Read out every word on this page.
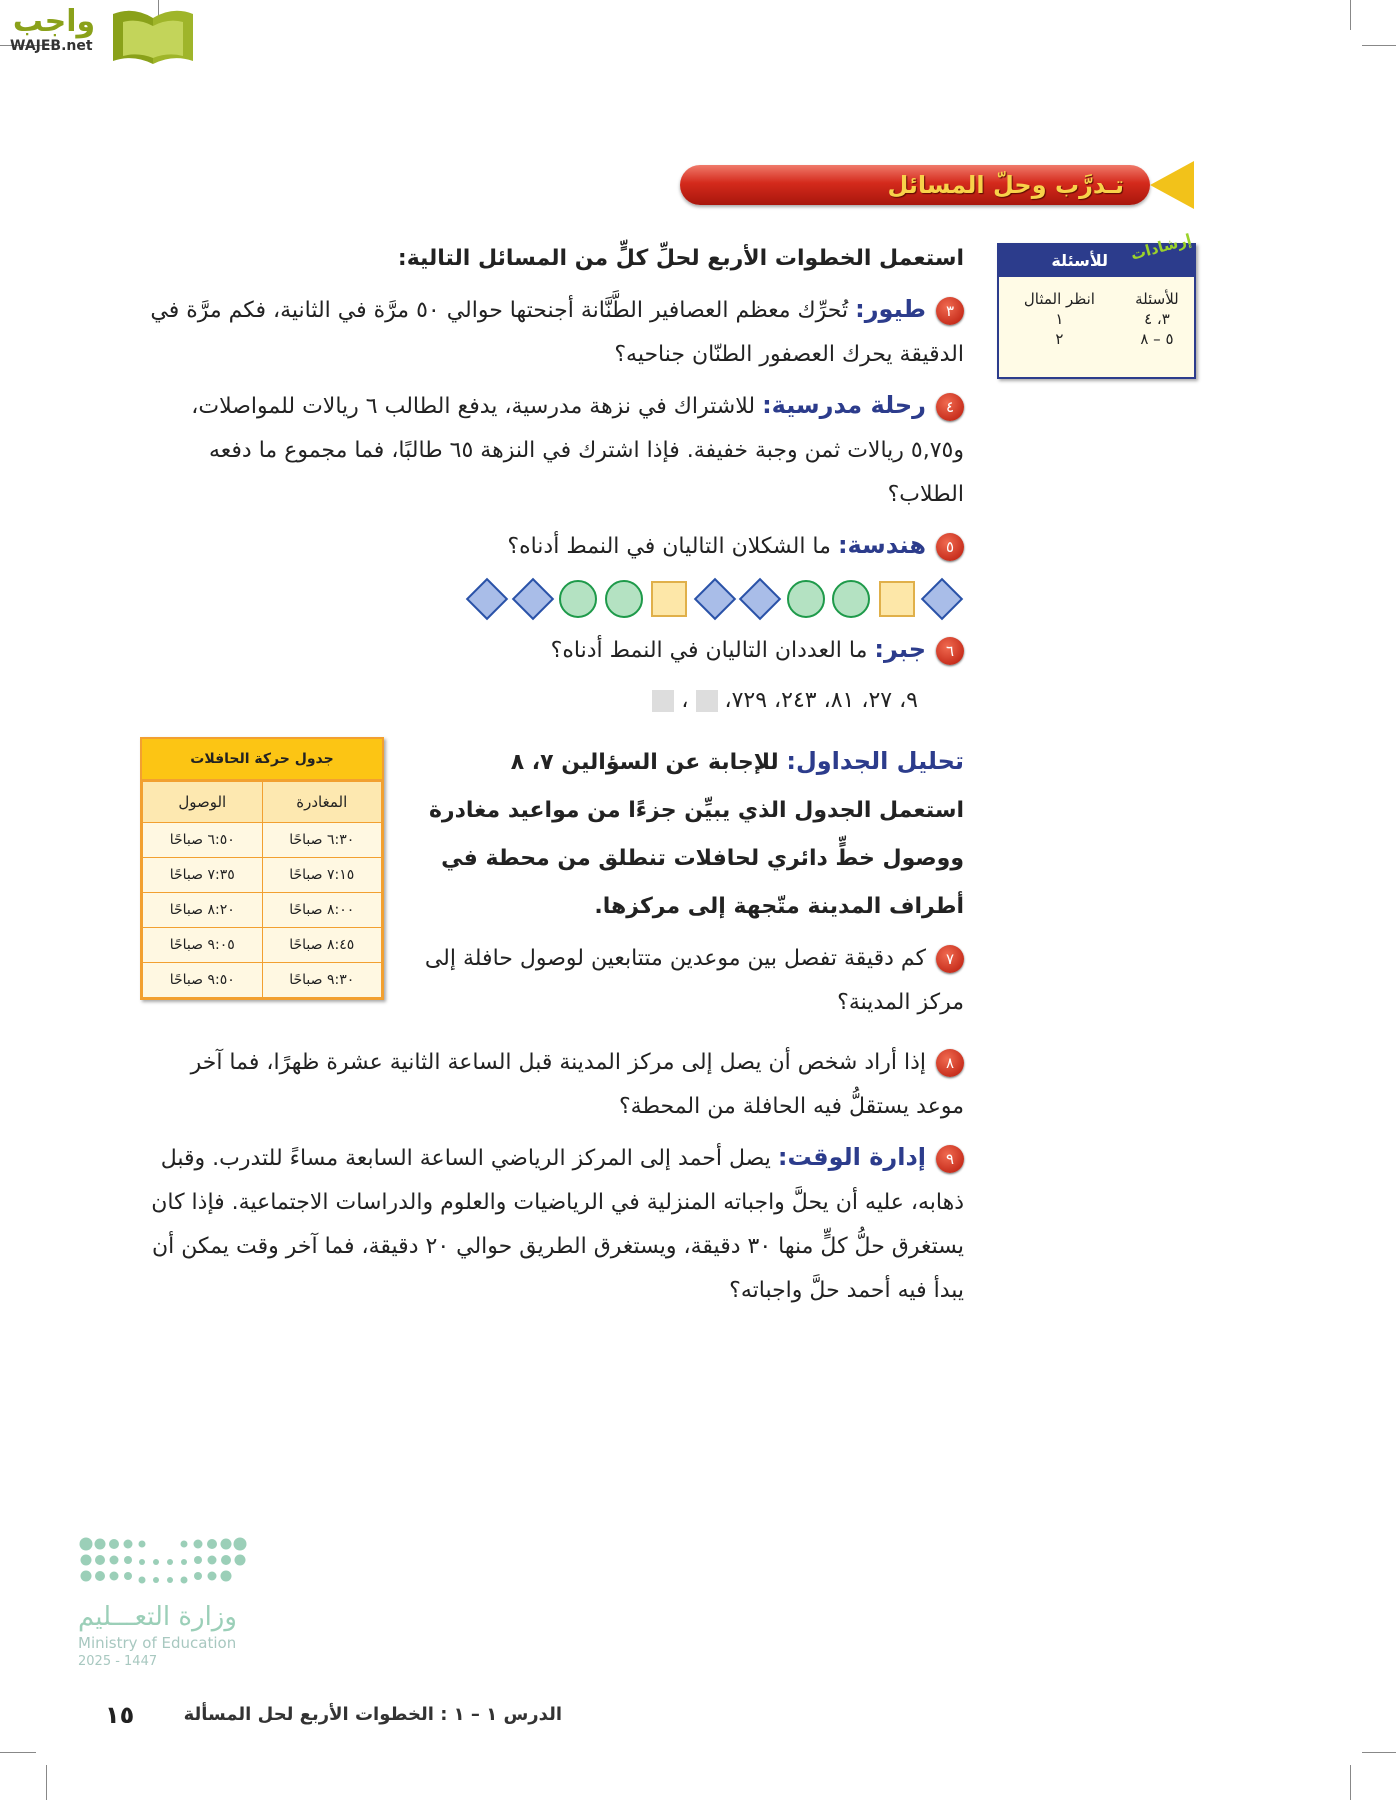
واجب
WAJEB.net
تـدرَّب وحلّ المسائل
للأسئلة إرشادات
للأسئلة	انظر المثال
٣، ٤	١
٥ – ٨	٢
استعمل الخطوات الأربع لحلِّ كلٍّ من المسائل التالية:
٣طيور: تُحرِّك معظم العصافير الطَّنَّانة أجنحتها حوالي ٥٠ مرَّة في الثانية، فكم مرَّة في الدقيقة يحرك العصفور الطنّان جناحيه؟
٤رحلة مدرسية: للاشتراك في نزهة مدرسية، يدفع الطالب ٦ ريالات للمواصلات، و٥,٧٥ ريالات ثمن وجبة خفيفة. فإذا اشترك في النزهة ٦٥ طالبًا، فما مجموع ما دفعه الطلاب؟
٥هندسة: ما الشكلان التاليان في النمط أدناه؟
٦جبر: ما العددان التاليان في النمط أدناه؟
٩، ٢٧، ٨١، ٢٤٣، ٧٢٩،  ،
جدول حركة الحافلات
المغادرة	الوصول
٦:٣٠ صباحًا	٦:٥٠ صباحًا
٧:١٥ صباحًا	٧:٣٥ صباحًا
٨:٠٠ صباحًا	٨:٢٠ صباحًا
٨:٤٥ صباحًا	٩:٠٥ صباحًا
٩:٣٠ صباحًا	٩:٥٠ صباحًا
تحليل الجداول: للإجابة عن السؤالين ٧، ٨ استعمل الجدول الذي يبيِّن جزءًا من مواعيد مغادرة ووصول خطٍّ دائري لحافلات تنطلق من محطة في أطراف المدينة متّجهة إلى مركزها.
٧كم دقيقة تفصل بين موعدين متتابعين لوصول حافلة إلى مركز المدينة؟
٨إذا أراد شخص أن يصل إلى مركز المدينة قبل الساعة الثانية عشرة ظهرًا، فما آخر موعد يستقلُّ فيه الحافلة من المحطة؟
٩إدارة الوقت: يصل أحمد إلى المركز الرياضي الساعة السابعة مساءً للتدرب. وقبل ذهابه، عليه أن يحلَّ واجباته المنزلية في الرياضيات والعلوم والدراسات الاجتماعية. فإذا كان يستغرق حلُّ كلٍّ منها ٣٠ دقيقة، ويستغرق الطريق حوالي ٢٠ دقيقة، فما آخر وقت يمكن أن يبدأ فيه أحمد حلَّ واجباته؟
وزارة التعـــليم
Ministry of Education
2025 - 1447
١٥	الدرس ١ – ١ : الخطوات الأربع لحل المسألة
